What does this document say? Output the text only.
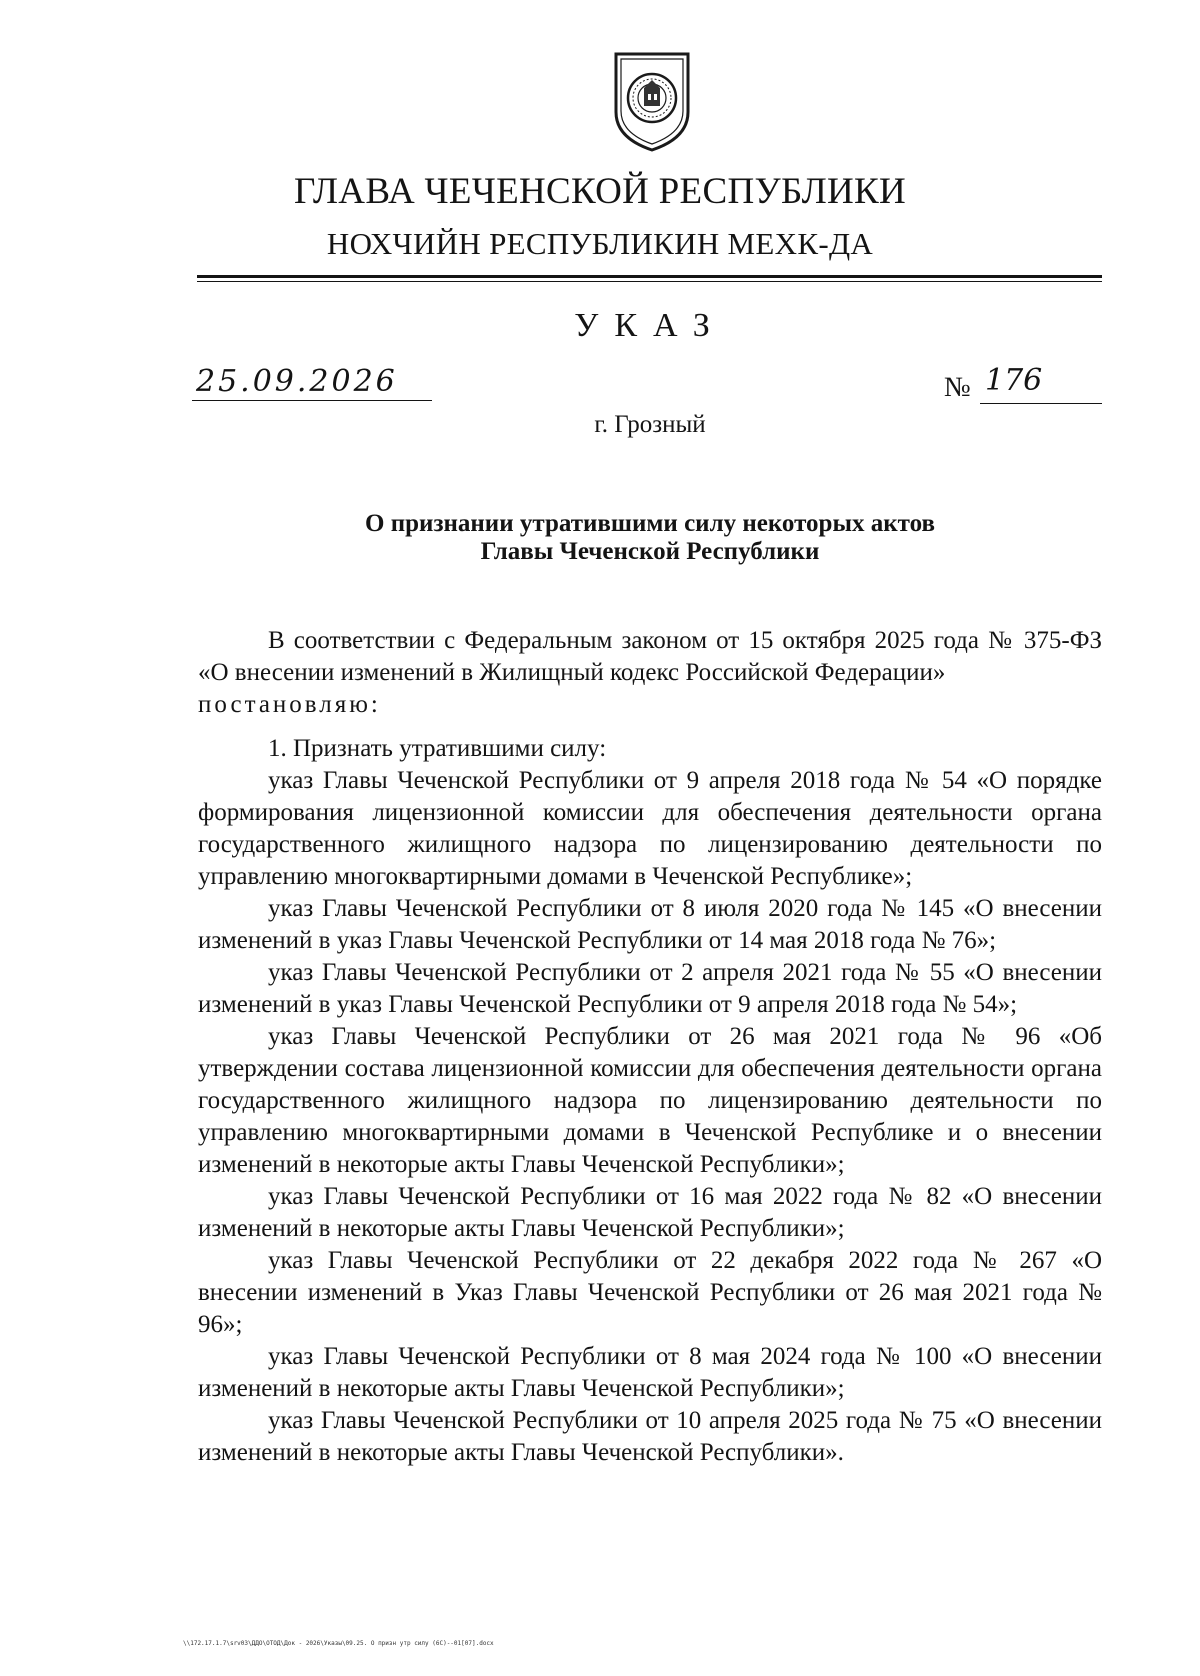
ГЛАВА ЧЕЧЕНСКОЙ РЕСПУБЛИКИ
НОХЧИЙН РЕСПУБЛИКИН МЕХК-ДА
УКАЗ
25.09.2026	№ 176
г. Грозный
О признании утратившими силу некоторых актов
Главы Чеченской Республики

В соответствии с Федеральным законом от 15 октября 2025 года № 375-ФЗ «О внесении изменений в Жилищный кодекс Российской Федерации»

постановляю:

1. Признать утратившими силу:

указ Главы Чеченской Республики от 9 апреля 2018 года № 54 «О порядке формирования лицензионной комиссии для обеспечения деятельности органа государственного жилищного надзора по лицензированию деятельности по управлению многоквартирными домами в Чеченской Республике»;

указ Главы Чеченской Республики от 8 июля 2020 года № 145 «О внесении изменений в указ Главы Чеченской Республики от 14 мая 2018 года № 76»;

указ Главы Чеченской Республики от 2 апреля 2021 года № 55 «О внесении изменений в указ Главы Чеченской Республики от 9 апреля 2018 года № 54»;

указ Главы Чеченской Республики от 26 мая 2021 года № 96 «Об утверждении состава лицензионной комиссии для обеспечения деятельности органа государственного жилищного надзора по лицензированию деятельности по управлению многоквартирными домами в Чеченской Республике и о внесении изменений в некоторые акты Главы Чеченской Республики»;

указ Главы Чеченской Республики от 16 мая 2022 года № 82 «О внесении изменений в некоторые акты Главы Чеченской Республики»;

указ Главы Чеченской Республики от 22 декабря 2022 года № 267 «О внесении изменений в Указ Главы Чеченской Республики от 26 мая 2021 года № 96»;

указ Главы Чеченской Республики от 8 мая 2024 года № 100 «О внесении изменений в некоторые акты Главы Чеченской Республики»;

указ Главы Чеченской Республики от 10 апреля 2025 года № 75 «О внесении изменений в некоторые акты Главы Чеченской Республики».

\\172.17.1.7\srv03\ДДО\ОТОД\Док - 2026\Указы\09.25. О призн утр силу (6С)--01[07].docx
